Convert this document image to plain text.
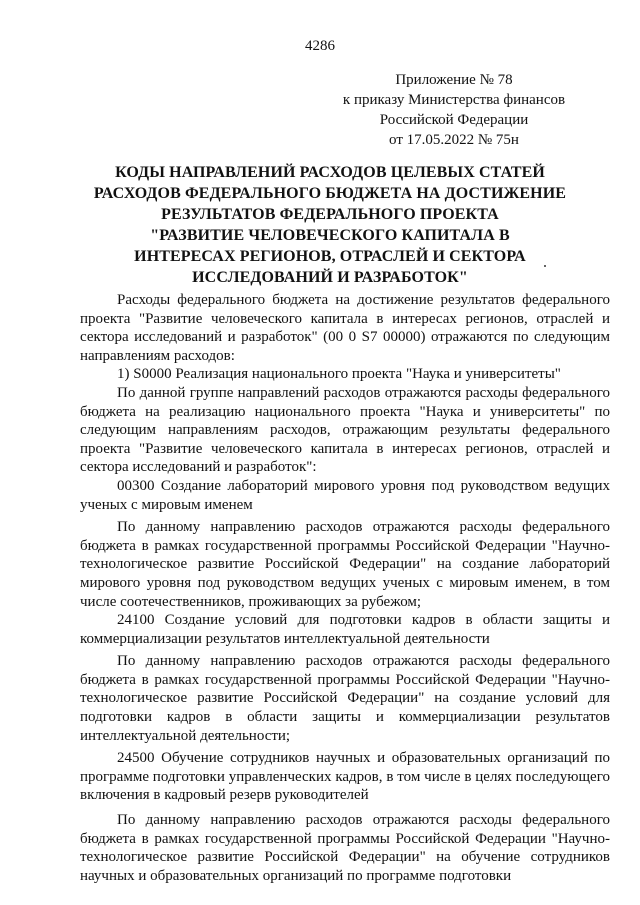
4286
Приложение № 78
к приказу Министерства финансов
Российской Федерации
от 17.05.2022 № 75н
КОДЫ НАПРАВЛЕНИЙ РАСХОДОВ ЦЕЛЕВЫХ СТАТЕЙ
РАСХОДОВ ФЕДЕРАЛЬНОГО БЮДЖЕТА НА ДОСТИЖЕНИЕ
РЕЗУЛЬТАТОВ ФЕДЕРАЛЬНОГО ПРОЕКТА
"РАЗВИТИЕ ЧЕЛОВЕЧЕСКОГО КАПИТАЛА В
ИНТЕРЕСАХ РЕГИОНОВ, ОТРАСЛЕЙ И СЕКТОРА
ИССЛЕДОВАНИЙ И РАЗРАБОТОК"

Расходы федерального бюджета на достижение результатов федерального проекта "Развитие человеческого капитала в интересах регионов, отраслей и сектора исследований и разработок" (00 0 S7 00000) отражаются по следующим направлениям расходов:

1) S0000 Реализация национального проекта "Наука и университеты"

По данной группе направлений расходов отражаются расходы федерального бюджета на реализацию национального проекта "Наука и университеты" по следующим направлениям расходов, отражающим результаты федерального проекта "Развитие человеческого капитала в интересах регионов, отраслей и сектора исследований и разработок":

00300 Создание лабораторий мирового уровня под руководством ведущих ученых с мировым именем

По данному направлению расходов отражаются расходы федерального бюджета в рамках государственной программы Российской Федерации "Научно-технологическое развитие Российской Федерации" на создание лабораторий мирового уровня под руководством ведущих ученых с мировым именем, в том числе соотечественников, проживающих за рубежом;

24100 Создание условий для подготовки кадров в области защиты и коммерциализации результатов интеллектуальной деятельности

По данному направлению расходов отражаются расходы федерального бюджета в рамках государственной программы Российской Федерации "Научно-технологическое развитие Российской Федерации" на создание условий для подготовки кадров в области защиты и коммерциализации результатов интеллектуальной деятельности;

24500 Обучение сотрудников научных и образовательных организаций по программе подготовки управленческих кадров, в том числе в целях последующего включения в кадровый резерв руководителей

По данному направлению расходов отражаются расходы федерального бюджета в рамках государственной программы Российской Федерации "Научно-технологическое развитие Российской Федерации" на обучение сотрудников научных и образовательных организаций по программе подготовки
